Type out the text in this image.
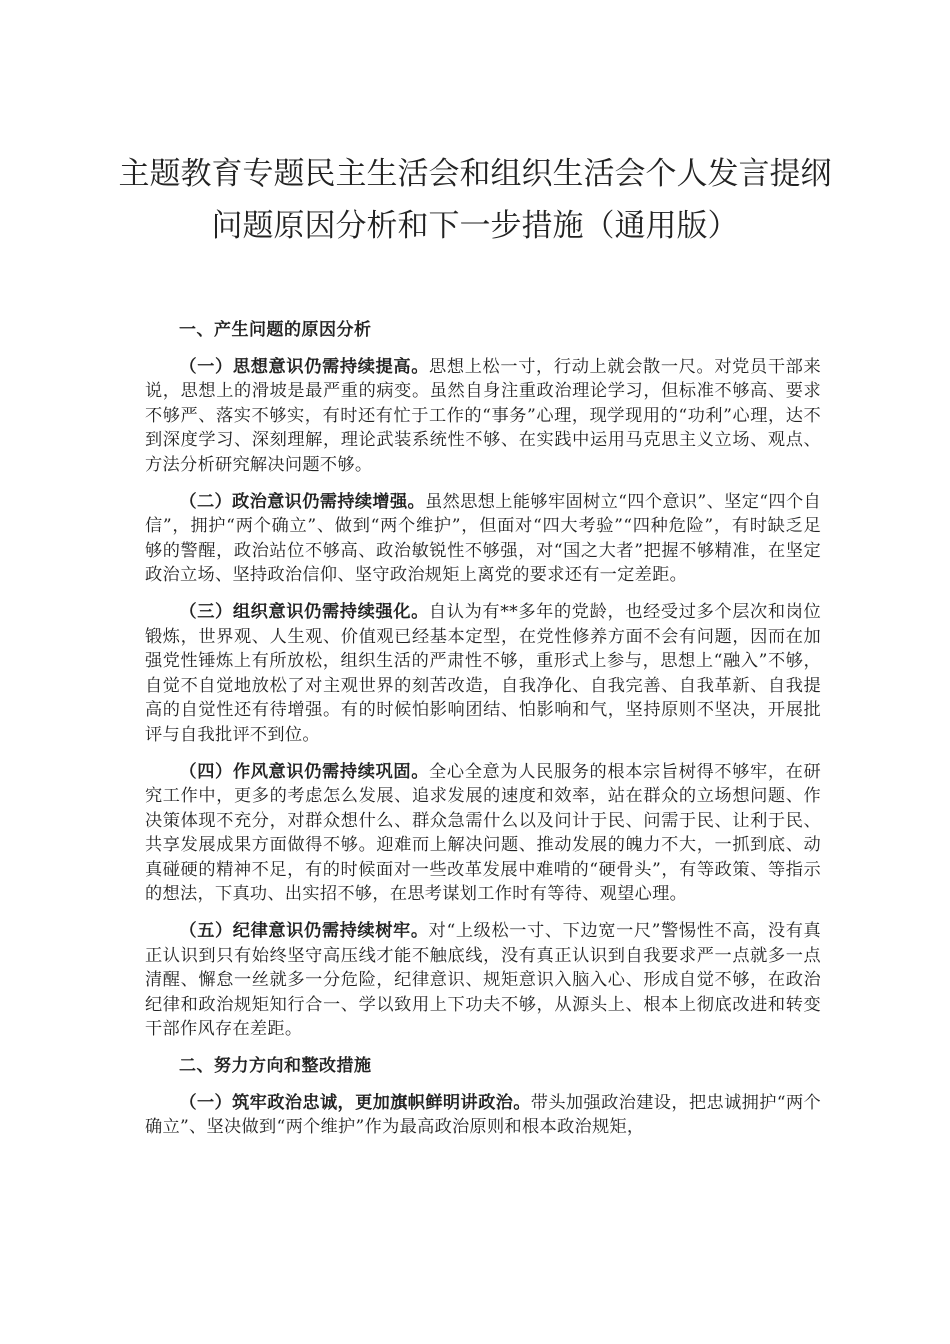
主题教育专题民主生活会和组织生活会个人发言提纲
问题原因分析和下一步措施（通用版）
一、产生问题的原因分析

（一）思想意识仍需持续提高。思想上松一寸，行动上就会散一尺。对党员干部来说，思想上的滑坡是最严重的病变。虽然自身注重政治理论学习，但标准不够高、要求不够严、落实不够实，有时还有忙于工作的“事务”心理，现学现用的“功利”心理，达不到深度学习、深刻理解，理论武装系统性不够、在实践中运用马克思主义立场、观点、方法分析研究解决问题不够。

（二）政治意识仍需持续增强。虽然思想上能够牢固树立“四个意识”、坚定“四个自信”，拥护“两个确立”、做到“两个维护”，但面对“四大考验”“四种危险”，有时缺乏足够的警醒，政治站位不够高、政治敏锐性不够强，对“国之大者”把握不够精准，在坚定政治立场、坚持政治信仰、坚守政治规矩上离党的要求还有一定差距。

（三）组织意识仍需持续强化。自认为有**多年的党龄，也经受过多个层次和岗位锻炼，世界观、人生观、价值观已经基本定型，在党性修养方面不会有问题，因而在加强党性锤炼上有所放松，组织生活的严肃性不够，重形式上参与，思想上“融入”不够，自觉不自觉地放松了对主观世界的刻苦改造，自我净化、自我完善、自我革新、自我提高的自觉性还有待增强。有的时候怕影响团结、怕影响和气，坚持原则不坚决，开展批评与自我批评不到位。

（四）作风意识仍需持续巩固。全心全意为人民服务的根本宗旨树得不够牢，在研究工作中，更多的考虑怎么发展、追求发展的速度和效率，站在群众的立场想问题、作决策体现不充分，对群众想什么、群众急需什么以及问计于民、问需于民、让利于民、共享发展成果方面做得不够。迎难而上解决问题、推动发展的魄力不大，一抓到底、动真碰硬的精神不足，有的时候面对一些改革发展中难啃的“硬骨头”，有等政策、等指示的想法，下真功、出实招不够，在思考谋划工作时有等待、观望心理。

（五）纪律意识仍需持续树牢。对“上级松一寸、下边宽一尺”警惕性不高，没有真正认识到只有始终坚守高压线才能不触底线，没有真正认识到自我要求严一点就多一点清醒、懈怠一丝就多一分危险，纪律意识、规矩意识入脑入心、形成自觉不够，在政治纪律和政治规矩知行合一、学以致用上下功夫不够，从源头上、根本上彻底改进和转变干部作风存在差距。

二、努力方向和整改措施

（一）筑牢政治忠诚，更加旗帜鲜明讲政治。带头加强政治建设，把忠诚拥护“两个确立”、坚决做到“两个维护”作为最高政治原则和根本政治规矩，
